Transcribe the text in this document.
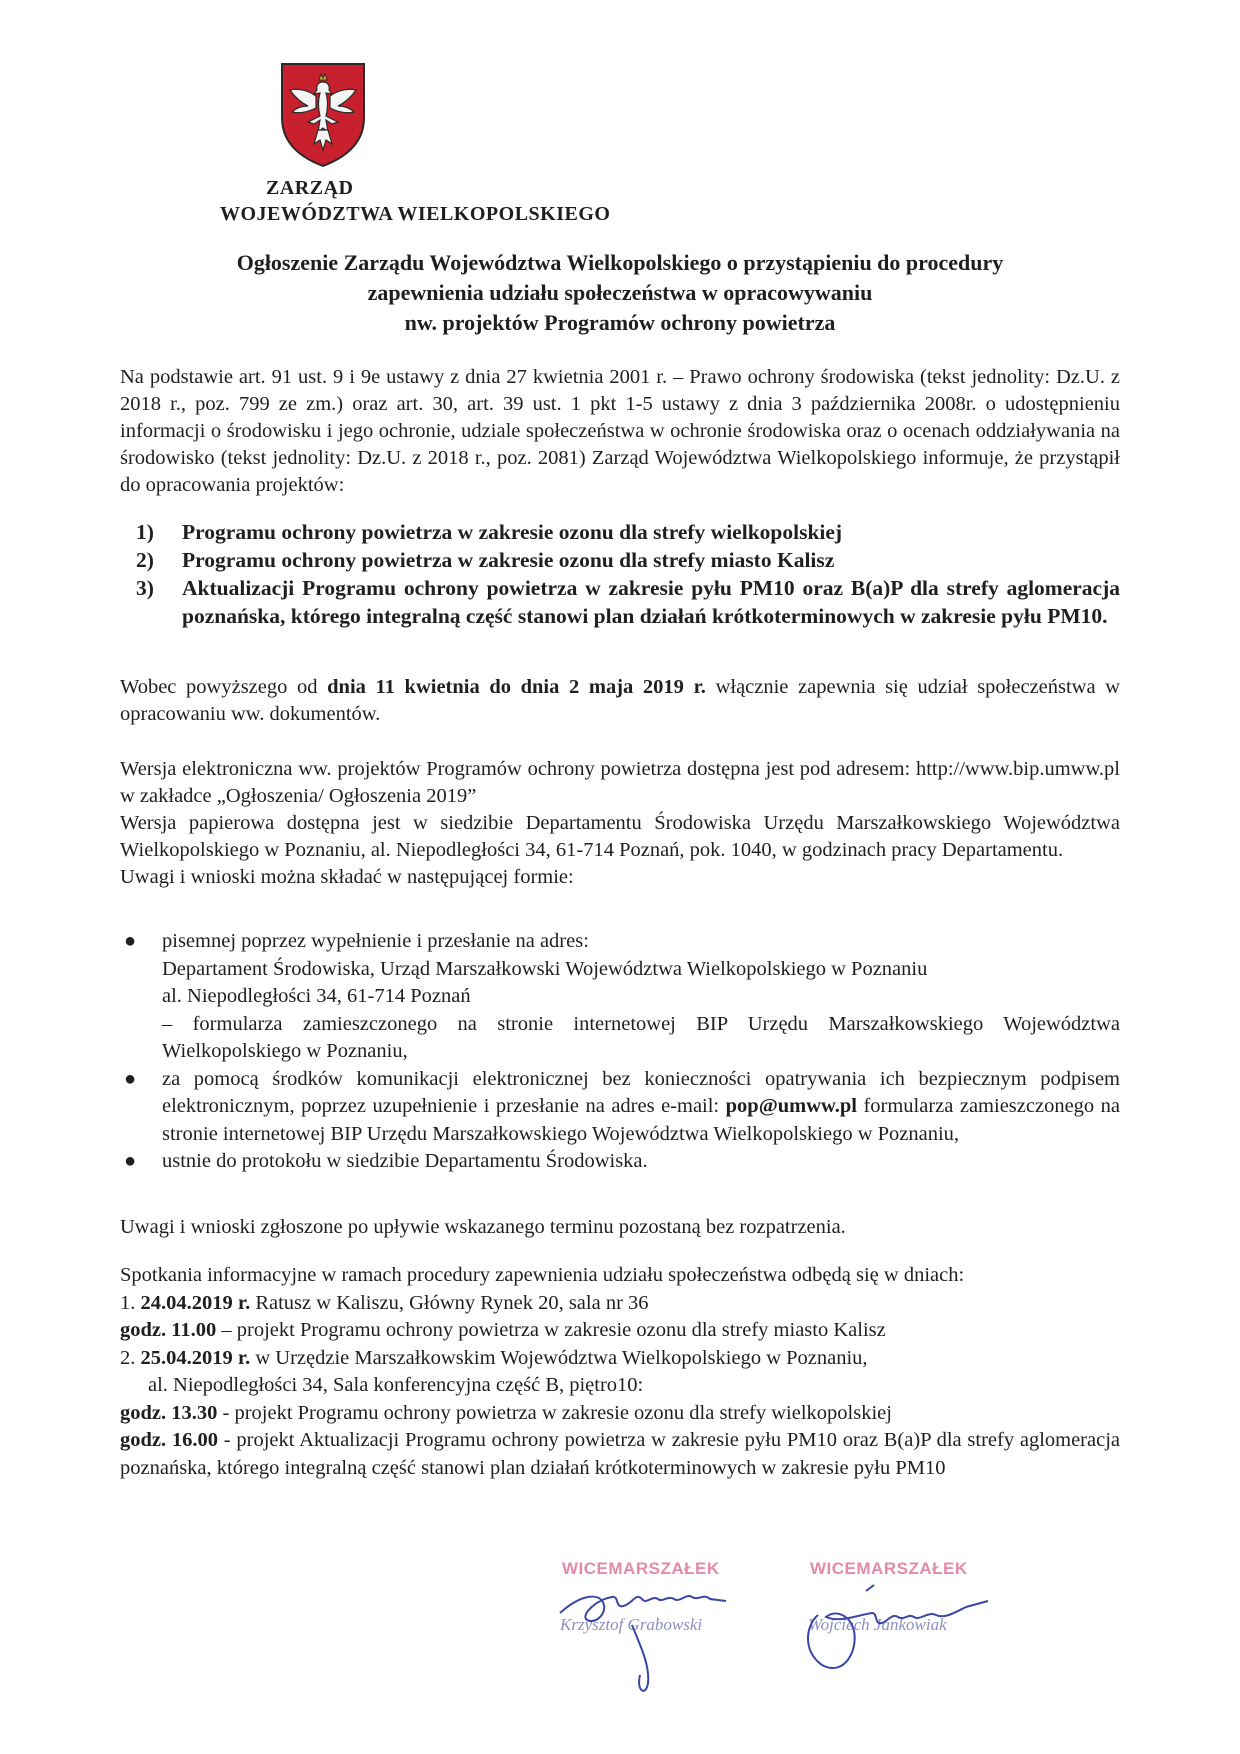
ZARZĄD
WOJEWÓDZTWA WIELKOPOLSKIEGO
Ogłoszenie Zarządu Województwa Wielkopolskiego o przystąpieniu do procedury
zapewnienia udziału społeczeństwa w opracowywaniu
nw. projektów Programów ochrony powietrza
Na podstawie art. 91 ust. 9 i 9e ustawy z dnia 27 kwietnia 2001 r. – Prawo ochrony środowiska (tekst jednolity: Dz.U. z 2018 r., poz. 799 ze zm.) oraz art. 30, art. 39 ust. 1 pkt 1-5 ustawy z dnia 3 października 2008r. o udostępnieniu informacji o środowisku i jego ochronie, udziale społeczeństwa w ochronie środowiska oraz o ocenach oddziaływania na środowisko (tekst jednolity: Dz.U. z 2018 r., poz. 2081) Zarząd Województwa Wielkopolskiego informuje, że przystąpił do opracowania projektów:
1) Programu ochrony powietrza w zakresie ozonu dla strefy wielkopolskiej
2) Programu ochrony powietrza w zakresie ozonu dla strefy miasto Kalisz
3) Aktualizacji Programu ochrony powietrza w zakresie pyłu PM10 oraz B(a)P dla strefy aglomeracja poznańska, którego integralną część stanowi plan działań krótkoterminowych w zakresie pyłu PM10.
Wobec powyższego od dnia 11 kwietnia do dnia 2 maja 2019 r. włącznie zapewnia się udział społeczeństwa w opracowaniu ww. dokumentów.
Wersja elektroniczna ww. projektów Programów ochrony powietrza dostępna jest pod adresem: http://www.bip.umww.pl w zakładce „Ogłoszenia/ Ogłoszenia 2019”
Wersja papierowa dostępna jest w siedzibie Departamentu Środowiska Urzędu Marszałkowskiego Województwa Wielkopolskiego w Poznaniu, al. Niepodległości 34, 61-714 Poznań, pok. 1040, w godzinach pracy Departamentu.
Uwagi i wnioski można składać w następującej formie:
● pisemnej poprzez wypełnienie i przesłanie na adres:
Departament Środowiska, Urząd Marszałkowski Województwa Wielkopolskiego w Poznaniu
al. Niepodległości 34, 61-714 Poznań
– formularza zamieszczonego na stronie internetowej BIP Urzędu Marszałkowskiego Województwa Wielkopolskiego w Poznaniu,
● za pomocą środków komunikacji elektronicznej bez konieczności opatrywania ich bezpiecznym podpisem elektronicznym, poprzez uzupełnienie i przesłanie na adres e-mail: pop@umww.pl formularza zamieszczonego na stronie internetowej BIP Urzędu Marszałkowskiego Województwa Wielkopolskiego w Poznaniu,
● ustnie do protokołu w siedzibie Departamentu Środowiska.
Uwagi i wnioski zgłoszone po upływie wskazanego terminu pozostaną bez rozpatrzenia.
Spotkania informacyjne w ramach procedury zapewnienia udziału społeczeństwa odbędą się w dniach:
1. 24.04.2019 r. Ratusz w Kaliszu, Główny Rynek 20, sala nr 36
godz. 11.00 – projekt Programu ochrony powietrza w zakresie ozonu dla strefy miasto Kalisz
2. 25.04.2019 r. w Urzędzie Marszałkowskim Województwa Wielkopolskiego w Poznaniu,
al. Niepodległości 34, Sala konferencyjna część B, piętro10:
godz. 13.30 - projekt Programu ochrony powietrza w zakresie ozonu dla strefy wielkopolskiej
godz. 16.00 - projekt Aktualizacji Programu ochrony powietrza w zakresie pyłu PM10 oraz B(a)P dla strefy aglomeracja poznańska, którego integralną część stanowi plan działań krótkoterminowych w zakresie pyłu PM10
WICEMARSZAŁEK
Krzysztof Grabowski
WICEMARSZAŁEK
Wojciech Jankowiak
